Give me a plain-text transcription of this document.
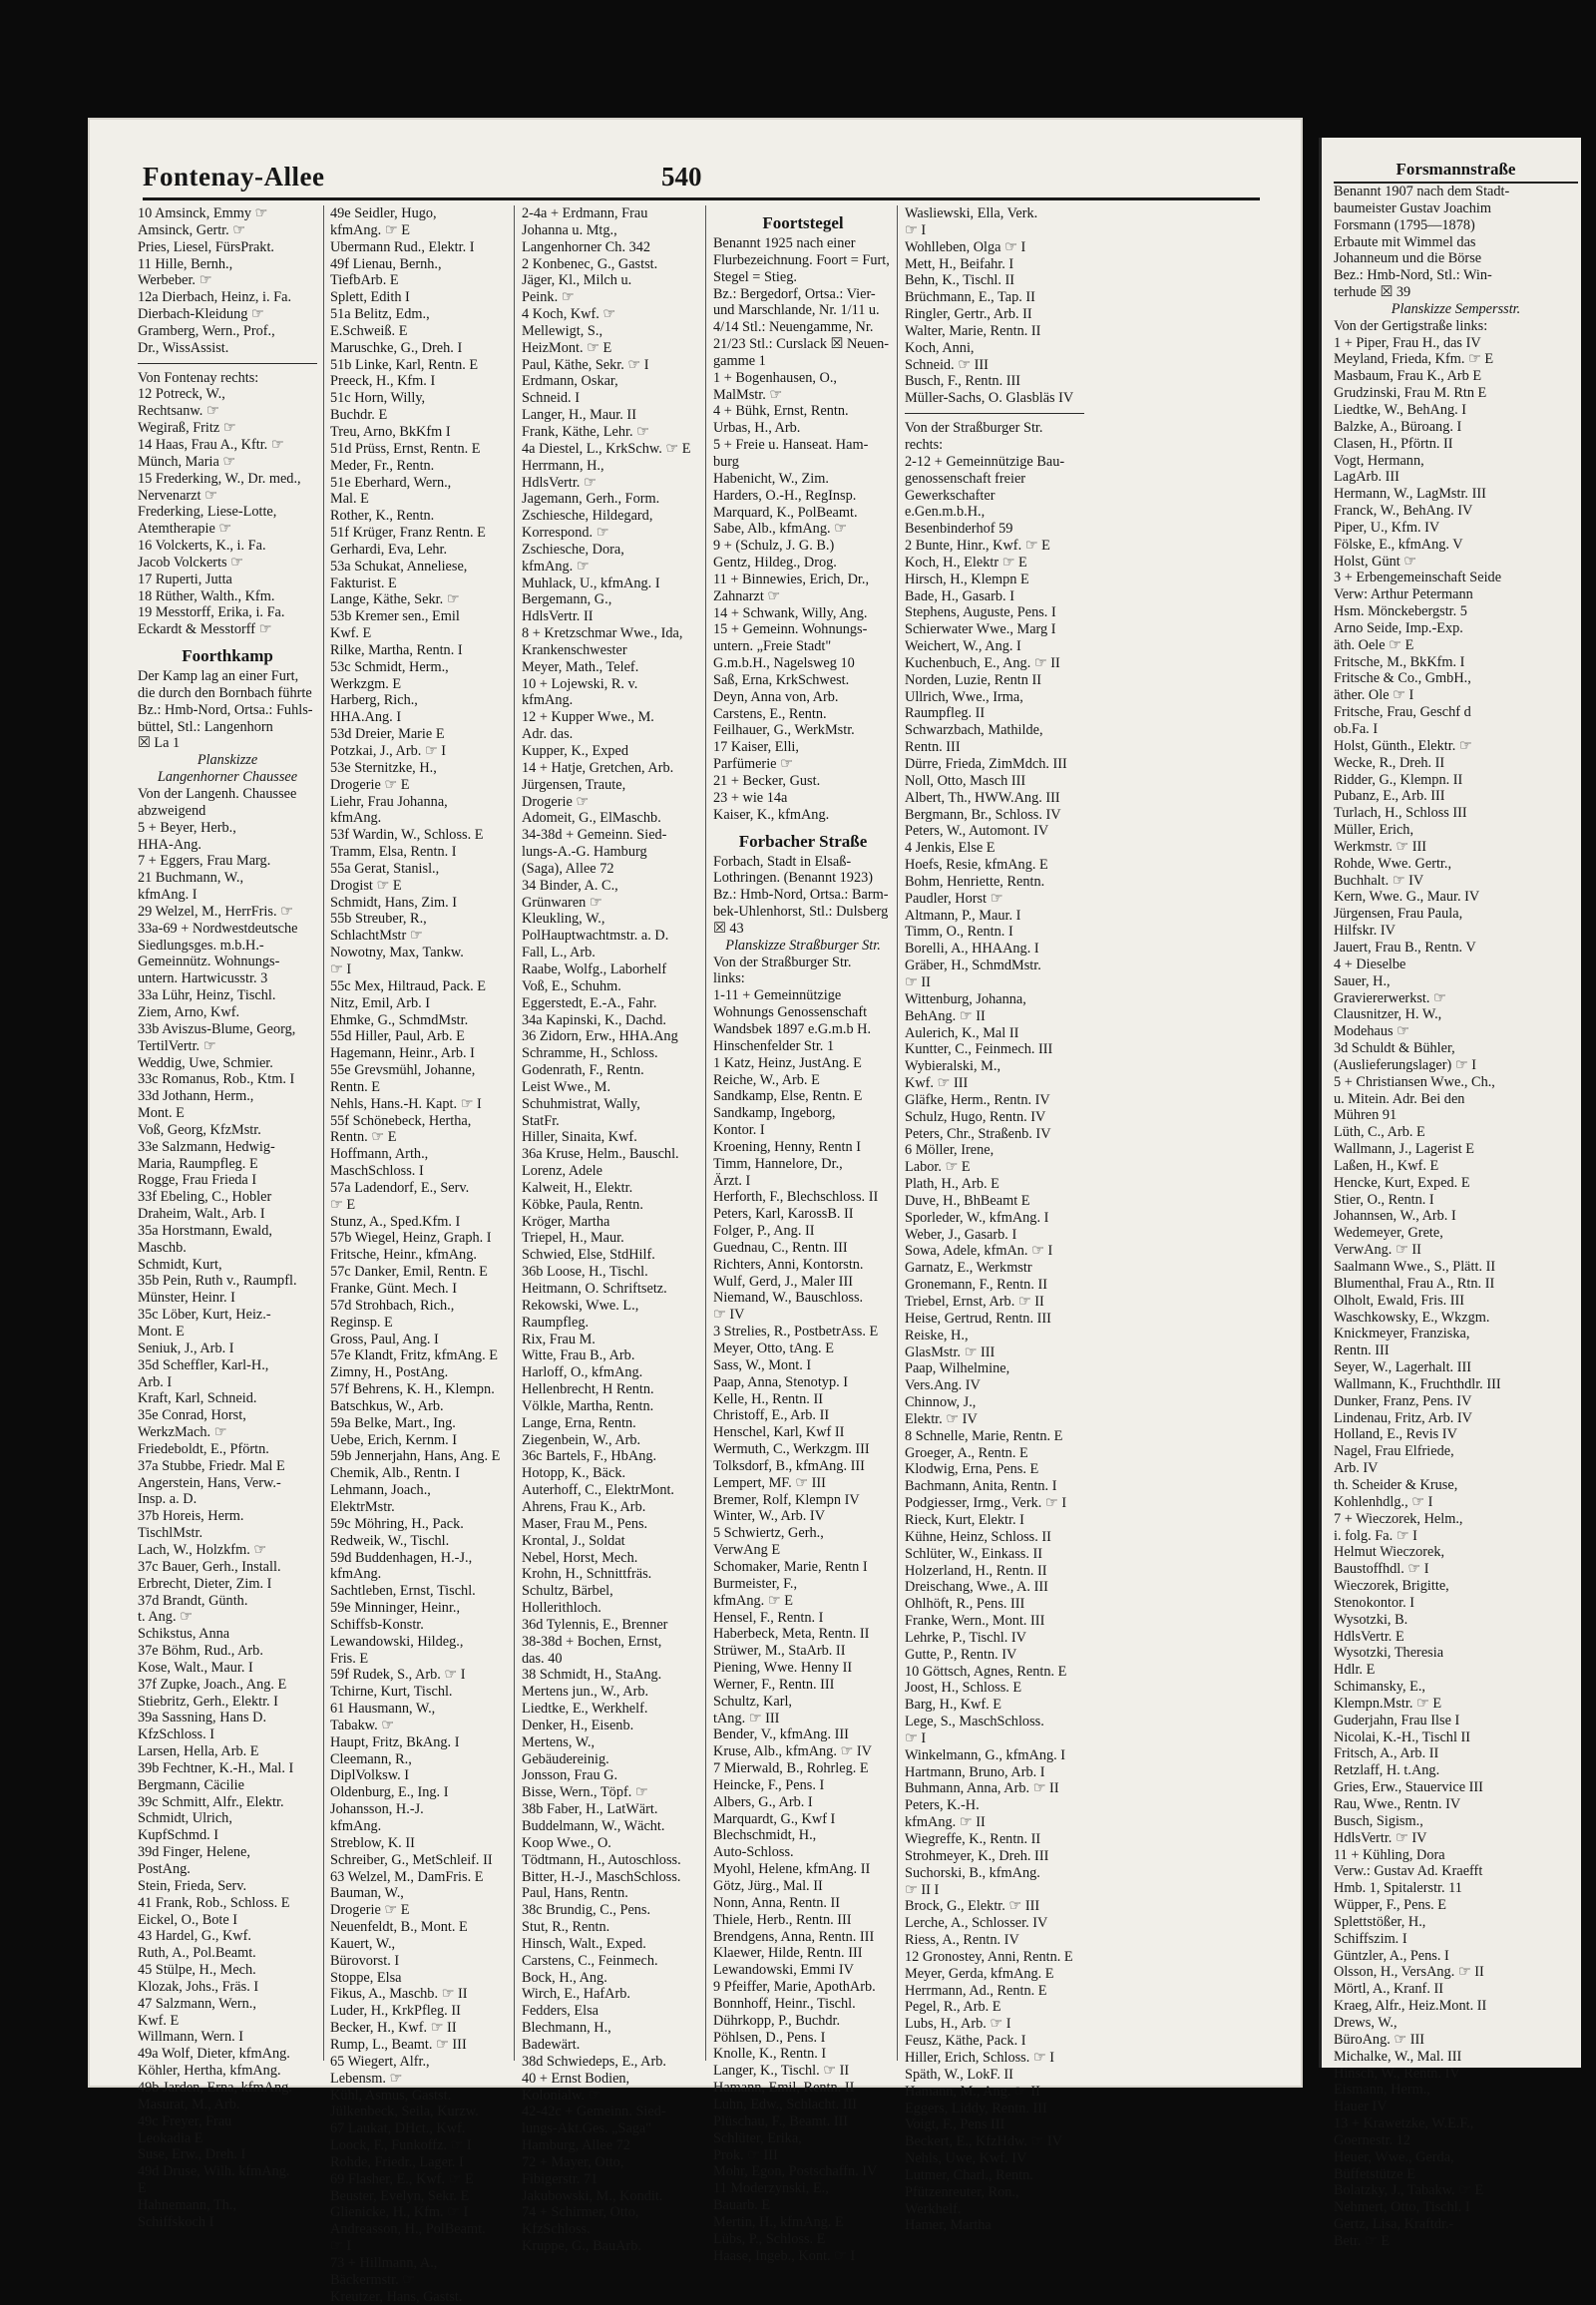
Fontenay-Allee	540
10 Amsinck, Emmy ☞
Amsinck, Gertr. ☞
Pries, Liesel, FürsPrakt.
11 Hille, Bernh.,
Werbeber. ☞
12a Dierbach, Heinz, i. Fa.
Dierbach-Kleidung ☞
Gramberg, Wern., Prof.,
Dr., WissAssist.
Von Fontenay rechts:
12 Potreck, W.,
Rechtsanw. ☞
Wegiraß, Fritz ☞
14 Haas, Frau A., Kftr. ☞
Münch, Maria ☞
15 Frederking, W., Dr. med.,
Nervenarzt ☞
Frederking, Liese-Lotte,
Atemtherapie ☞
16 Volckerts, K., i. Fa.
Jacob Volckerts ☞
17 Ruperti, Jutta
18 Rüther, Walth., Kfm.
19 Messtorff, Erika, i. Fa.
Eckardt & Messtorff ☞
Foorthkamp
Der Kamp lag an einer Furt,
die durch den Bornbach führte
Bz.: Hmb-Nord, Ortsa.: Fuhls-
büttel, Stl.: Langenhorn
☒ La 1
Planskizze
Langenhorner Chaussee
Von der Langenh. Chaussee
abzweigend
5 + Beyer, Herb.,
HHA-Ang.
7 + Eggers, Frau Marg.
21 Buchmann, W.,
kfmAng. I
29 Welzel, M., HerrFris. ☞
33a-69 + Nordwestdeutsche
Siedlungsges. m.b.H.-
Gemeinnütz. Wohnungs-
untern. Hartwicusstr. 3
33a Lühr, Heinz, Tischl.
Ziem, Arno, Kwf.
33b Aviszus-Blume, Georg,
TertilVertr. ☞
Weddig, Uwe, Schmier.
33c Romanus, Rob., Ktm. I
33d Jothann, Herm.,
Mont. E
Voß, Georg, KfzMstr.
33e Salzmann, Hedwig-
Maria, Raumpfleg. E
Rogge, Frau Frieda I
33f Ebeling, C., Hobler
Draheim, Walt., Arb. I
35a Horstmann, Ewald,
Maschb.
Schmidt, Kurt,
35b Pein, Ruth v., Raumpfl.
Münster, Heinr. I
35c Löber, Kurt, Heiz.-
Mont. E
Seniuk, J., Arb. I
35d Scheffler, Karl-H.,
Arb. I
Kraft, Karl, Schneid.
35e Conrad, Horst,
WerkzMach. ☞
Friedeboldt, E., Pförtn.
37a Stubbe, Friedr. Mal E
Angerstein, Hans, Verw.-
Insp. a. D.
37b Horeis, Herm.
TischlMstr.
Lach, W., Holzkfm. ☞
37c Bauer, Gerh., Install.
Erbrecht, Dieter, Zim. I
37d Brandt, Günth.
t. Ang. ☞
Schikstus, Anna
37e Böhm, Rud., Arb.
Kose, Walt., Maur. I
37f Zupke, Joach., Ang. E
Stiebritz, Gerh., Elektr. I
39a Sassning, Hans D.
KfzSchloss. I
Larsen, Hella, Arb. E
39b Fechtner, K.-H., Mal. I
Bergmann, Cäcilie
39c Schmitt, Alfr., Elektr.
Schmidt, Ulrich,
KupfSchmd. I
39d Finger, Helene,
PostAng.
Stein, Frieda, Serv.
41 Frank, Rob., Schloss. E
Eickel, O., Bote I
43 Hardel, G., Kwf.
Ruth, A., Pol.Beamt.
45 Stülpe, H., Mech.
Klozak, Johs., Fräs. I
47 Salzmann, Wern.,
Kwf. E
Willmann, Wern. I
49a Wolf, Dieter, kfmAng.
Köhler, Hertha, kfmAng.
49b Jarden, Erna, kfmAng.
Masurat, M., Arb.
49c Freyer, Frau
Leokadia E
Suse, Erw., Dreh. I
49d Druse, Wilh. kfmAng.
E
Hahnemann, Th.,
Schiffskoch I
49e Seidler, Hugo,
kfmAng. ☞ E
Ubermann Rud., Elektr. I
49f Lienau, Bernh.,
TiefbArb. E
Splett, Edith I
51a Belitz, Edm.,
E.Schweiß. E
Maruschke, G., Dreh. I
51b Linke, Karl, Rentn. E
Preeck, H., Kfm. I
51c Horn, Willy,
Buchdr. E
Treu, Arno, BkKfm I
51d Prüss, Ernst, Rentn. E
Meder, Fr., Rentn.
51e Eberhard, Wern.,
Mal. E
Rother, K., Rentn.
51f Krüger, Franz Rentn. E
Gerhardi, Eva, Lehr.
53a Schukat, Anneliese,
Fakturist. E
Lange, Käthe, Sekr. ☞
53b Kremer sen., Emil
Kwf. E
Rilke, Martha, Rentn. I
53c Schmidt, Herm.,
Werkzgm. E
Harberg, Rich.,
HHA.Ang. I
53d Dreier, Marie E
Potzkai, J., Arb. ☞ I
53e Sternitzke, H.,
Drogerie ☞ E
Liehr, Frau Johanna,
kfmAng.
53f Wardin, W., Schloss. E
Tramm, Elsa, Rentn. I
55a Gerat, Stanisl.,
Drogist ☞ E
Schmidt, Hans, Zim. I
55b Streuber, R.,
SchlachtMstr ☞
Nowotny, Max, Tankw.
☞ I
55c Mex, Hiltraud, Pack. E
Nitz, Emil, Arb. I
Ehmke, G., SchmdMstr.
55d Hiller, Paul, Arb. E
Hagemann, Heinr., Arb. I
55e Grevsmühl, Johanne,
Rentn. E
Nehls, Hans.-H. Kapt. ☞ I
55f Schönebeck, Hertha,
Rentn. ☞ E
Hoffmann, Arth.,
MaschSchloss. I
57a Ladendorf, E., Serv.
☞ E
Stunz, A., Sped.Kfm. I
57b Wiegel, Heinz, Graph. I
Fritsche, Heinr., kfmAng.
57c Danker, Emil, Rentn. E
Franke, Günt. Mech. I
57d Strohbach, Rich.,
Reginsp. E
Gross, Paul, Ang. I
57e Klandt, Fritz, kfmAng. E
Zimny, H., PostAng.
57f Behrens, K. H., Klempn.
Batschkus, W., Arb.
59a Belke, Mart., Ing.
Uebe, Erich, Kernm. I
59b Jennerjahn, Hans, Ang. E
Chemik, Alb., Rentn. I
Lehmann, Joach.,
ElektrMstr.
59c Möhring, H., Pack.
Redweik, W., Tischl.
59d Buddenhagen, H.-J.,
kfmAng.
Sachtleben, Ernst, Tischl.
59e Minninger, Heinr.,
Schiffsb-Konstr.
Lewandowski, Hildeg.,
Fris. E
59f Rudek, S., Arb. ☞ I
Tchirne, Kurt, Tischl.
61 Hausmann, W.,
Tabakw. ☞
Haupt, Fritz, BkAng. I
Cleemann, R.,
DiplVolksw. I
Oldenburg, E., Ing. I
Johansson, H.-J.
kfmAng.
Streblow, K. II
Schreiber, G., MetSchleif. II
63 Welzel, M., DamFris. E
Bauman, W.,
Drogerie ☞ E
Neuenfeldt, B., Mont. E
Kauert, W.,
Bürovorst. I
Stoppe, Elsa
Fikus, A., Maschb. ☞ II
Luder, H., KrkPfleg. II
Becker, H., Kwf. ☞ II
Rump, L., Beamt. ☞ III
65 Wiegert, Alfr.,
Lebensm. ☞
Kühl, Asmus, Gastst.
Jülkenbeck, Seila, Kurzw.
67 Laukat, DHct., Kwf.
Loock, F., Funkoffz. ☞ I
Rohde, Friedr., Lager. I
69 Flasher, E., Kwf. ☞ E
Beuster, Evelyn, Sekr. E
Glienicke, H., Kfm. ☞ I
Andreasson, H., PolBeamt.
☞ I
73 + Hillmann, A.,
Bäckermstr. ☞
Kreutzer, Hans, Gastst.
2-4a + Erdmann, Frau
Johanna u. Mtg.,
Langenhorner Ch. 342
2 Konbenec, G., Gastst.
Jäger, Kl., Milch u.
Peink. ☞
4 Koch, Kwf. ☞
Mellewigt, S.,
HeizMont. ☞ E
Paul, Käthe, Sekr. ☞ I
Erdmann, Oskar,
Schneid. I
Langer, H., Maur. II
Frank, Käthe, Lehr. ☞
4a Diestel, L., KrkSchw. ☞ E
Herrmann, H.,
HdlsVertr. ☞
Jagemann, Gerh., Form.
Zschiesche, Hildegard,
Korrespond. ☞
Zschiesche, Dora,
kfmAng. ☞
Muhlack, U., kfmAng. I
Bergemann, G.,
HdlsVertr. II
8 + Kretzschmar Wwe., Ida,
Krankenschwester
Meyer, Math., Telef.
10 + Lojewski, R. v.
kfmAng.
12 + Kupper Wwe., M.
Adr. das.
Kupper, K., Exped
14 + Hatje, Gretchen, Arb.
Jürgensen, Traute,
Drogerie ☞
Adomeit, G., ElMaschb.
34-38d + Gemeinn. Sied-
lungs-A.-G. Hamburg
(Saga), Allee 72
34 Binder, A. C.,
Grünwaren ☞
Kleukling, W.,
PolHauptwachtmstr. a. D.
Fall, L., Arb.
Raabe, Wolfg., Laborhelf
Voß, E., Schuhm.
Eggerstedt, E.-A., Fahr.
34a Kapinski, K., Dachd.
36 Zidorn, Erw., HHA.Ang
Schramme, H., Schloss.
Godenrath, F., Rentn.
Leist Wwe., M.
Schuhmistrat, Wally,
StatFr.
Hiller, Sinaita, Kwf.
36a Kruse, Helm., Bauschl.
Lorenz, Adele
Kalweit, H., Elektr.
Köbke, Paula, Rentn.
Kröger, Martha
Triepel, H., Maur.
Schwied, Else, StdHilf.
36b Loose, H., Tischl.
Heitmann, O. Schriftsetz.
Rekowski, Wwe. L.,
Raumpfleg.
Rix, Frau M.
Witte, Frau B., Arb.
Harloff, O., kfmAng.
Hellenbrecht, H Rentn.
Völkle, Martha, Rentn.
Lange, Erna, Rentn.
Ziegenbein, W., Arb.
36c Bartels, F., HbAng.
Hotopp, K., Bäck.
Auterhoff, C., ElektrMont.
Ahrens, Frau K., Arb.
Maser, Frau M., Pens.
Krontal, J., Soldat
Nebel, Horst, Mech.
Krohn, H., Schnittfräs.
Schultz, Bärbel,
Hollerithloch.
36d Tylennis, E., Brenner
38-38d + Bochen, Ernst,
das. 40
38 Schmidt, H., StaAng.
Mertens jun., W., Arb.
Liedtke, E., Werkhelf.
Denker, H., Eisenb.
Mertens, W.,
Gebäudereinig.
Jonsson, Frau G.
Bisse, Wern., Töpf. ☞
38b Faber, H., LatWärt.
Buddelmann, W., Wächt.
Koop Wwe., O.
Tödtmann, H., Autoschloss.
Bitter, H.-J., MaschSchloss.
Paul, Hans, Rentn.
38c Brundig, C., Pens.
Stut, R., Rentn.
Hinsch, Walt., Exped.
Carstens, C., Feinmech.
Bock, H., Ang.
Wirch, E., HafArb.
Fedders, Elsa
Blechmann, H.,
Badewärt.
38d Schwiedeps, E., Arb.
40 + Ernst Bodien,
Kolonialw. ☞
42-42c + Gemeinn. Sied-
lungs-Akt.Ges. „Saga"
Hamburg, Allee 72
72 + Mayer, Otto,
Fibigerstr. 71
Jakubowski, M., Kondit.
74 + Schirmer, Otto,
KfzSchloss.
Kruppe, G., BauArb.
Foortstegel
Benannt 1925 nach einer
Flurbezeichnung. Foort = Furt,
Stegel = Stieg.
Bz.: Bergedorf, Ortsa.: Vier-
und Marschlande, Nr. 1/11 u.
4/14 Stl.: Neuengamme, Nr.
21/23 Stl.: Curslack ☒ Neuen-
gamme 1
1 + Bogenhausen, O.,
MalMstr. ☞
4 + Bühk, Ernst, Rentn.
Urbas, H., Arb.
5 + Freie u. Hanseat. Ham-
burg
Habenicht, W., Zim.
Harders, O.-H., RegInsp.
Marquard, K., PolBeamt.
Sabe, Alb., kfmAng. ☞
9 + (Schulz, J. G. B.)
Gentz, Hildeg., Drog.
11 + Binnewies, Erich, Dr.,
Zahnarzt ☞
14 + Schwank, Willy, Ang.
15 + Gemeinn. Wohnungs-
untern. „Freie Stadt"
G.m.b.H., Nagelsweg 10
Saß, Erna, KrkSchwest.
Deyn, Anna von, Arb.
Carstens, E., Rentn.
Feilhauer, G., WerkMstr.
17 Kaiser, Elli,
Parfümerie ☞
21 + Becker, Gust.
23 + wie 14a
Kaiser, K., kfmAng.
Forbacher Straße
Forbach, Stadt in Elsaß-
Lothringen. (Benannt 1923)
Bz.: Hmb-Nord, Ortsa.: Barm-
bek-Uhlenhorst, Stl.: Dulsberg
☒ 43
Planskizze Straßburger Str.
Von der Straßburger Str.
links:
1-11 + Gemeinnützige
Wohnungs Genossenschaft
Wandsbek 1897 e.G.m.b H.
Hinschenfelder Str. 1
1 Katz, Heinz, JustAng. E
Reiche, W., Arb. E
Sandkamp, Else, Rentn. E
Sandkamp, Ingeborg,
Kontor. I
Kroening, Henny, Rentn I
Timm, Hannelore, Dr.,
Ärzt. I
Herforth, F., Blechschloss. II
Peters, Karl, KarossB. II
Folger, P., Ang. II
Guednau, C., Rentn. III
Richters, Anni, Kontorstn.
Wulf, Gerd, J., Maler III
Niemand, W., Bauschloss.
☞ IV
3 Strelies, R., PostbetrAss. E
Meyer, Otto, tAng. E
Sass, W., Mont. I
Paap, Anna, Stenotyp. I
Kelle, H., Rentn. II
Christoff, E., Arb. II
Henschel, Karl, Kwf II
Wermuth, C., Werkzgm. III
Tolksdorf, B., kfmAng. III
Lempert, MF. ☞ III
Bremer, Rolf, Klempn IV
Winter, W., Arb. IV
5 Schwiertz, Gerh.,
VerwAng E
Schomaker, Marie, Rentn I
Burmeister, F.,
kfmAng. ☞ E
Hensel, F., Rentn. I
Haberbeck, Meta, Rentn. II
Strüwer, M., StaArb. II
Piening, Wwe. Henny II
Werner, F., Rentn. III
Schultz, Karl,
tAng. ☞ III
Bender, V., kfmAng. III
Kruse, Alb., kfmAng. ☞ IV
7 Mierwald, B., Rohrleg. E
Heincke, F., Pens. I
Albers, G., Arb. I
Marquardt, G., Kwf I
Blechschmidt, H.,
Auto-Schloss.
Myohl, Helene, kfmAng. II
Götz, Jürg., Mal. II
Nonn, Anna, Rentn. II
Thiele, Herb., Rentn. III
Brendgens, Anna, Rentn. III
Klaewer, Hilde, Rentn. III
Lewandowski, Emmi IV
9 Pfeiffer, Marie, ApothArb.
Bonnhoff, Heinr., Tischl.
Dührkopp, P., Buchdr.
Pöhlsen, D., Pens. I
Knolle, K., Rentn. I
Langer, K., Tischl. ☞ II
Hamann, Emil, Rentn. II
Luhn, Edw., Schlacht. III
Plüschau, F., Beamt. III
Schlüter, Erika,
Prok. ☞ III
Mohr, Egon, Postschaffn. IV
11 Moderzynski, E.,
Bauarb. E
Mertin, H., kfmAng. E
Lübs, P., Schloss. E
Haase, Ingeb., Kont. ☞ I
Wasliewski, Ella, Verk.
☞ I
Wohlleben, Olga ☞ I
Mett, H., Beifahr. I
Behn, K., Tischl. II
Brüchmann, E., Tap. II
Ringler, Gertr., Arb. II
Walter, Marie, Rentn. II
Koch, Anni,
Schneid. ☞ III
Busch, F., Rentn. III
Müller-Sachs, O. Glasbläs IV
Von der Straßburger Str.
rechts:
2-12 + Gemeinnützige Bau-
genossenschaft freier
Gewerkschafter
e.Gen.m.b.H.,
Besenbinderhof 59
2 Bunte, Hinr., Kwf. ☞ E
Koch, H., Elektr ☞ E
Hirsch, H., Klempn E
Bade, H., Gasarb. I
Stephens, Auguste, Pens. I
Schierwater Wwe., Marg I
Weichert, W., Ang. I
Kuchenbuch, E., Ang. ☞ II
Norden, Luzie, Rentn II
Ullrich, Wwe., Irma,
Raumpfleg. II
Schwarzbach, Mathilde,
Rentn. III
Dürre, Frieda, ZimMdch. III
Noll, Otto, Masch III
Albert, Th., HWW.Ang. III
Bergmann, Br., Schloss. IV
Peters, W., Automont. IV
4 Jenkis, Else E
Hoefs, Resie, kfmAng. E
Bohm, Henriette, Rentn.
Paudler, Horst ☞
Altmann, P., Maur. I
Timm, O., Rentn. I
Borelli, A., HHAAng. I
Gräber, H., SchmdMstr.
☞ II
Wittenburg, Johanna,
BehAng. ☞ II
Aulerich, K., Mal II
Kuntter, C., Feinmech. III
Wybieralski, M.,
Kwf. ☞ III
Gläfke, Herm., Rentn. IV
Schulz, Hugo, Rentn. IV
Peters, Chr., Straßenb. IV
6 Möller, Irene,
Labor. ☞ E
Plath, H., Arb. E
Duve, H., BhBeamt E
Sporleder, W., kfmAng. I
Weber, J., Gasarb. I
Sowa, Adele, kfmAn. ☞ I
Garnatz, E., Werkmstr
Gronemann, F., Rentn. II
Triebel, Ernst, Arb. ☞ II
Heise, Gertrud, Rentn. III
Reiske, H.,
GlasMstr. ☞ III
Paap, Wilhelmine,
Vers.Ang. IV
Chinnow, J.,
Elektr. ☞ IV
8 Schnelle, Marie, Rentn. E
Groeger, A., Rentn. E
Klodwig, Erna, Pens. E
Bachmann, Anita, Rentn. I
Podgiesser, Irmg., Verk. ☞ I
Rieck, Kurt, Elektr. I
Kühne, Heinz, Schloss. II
Schlüter, W., Einkass. II
Holzerland, H., Rentn. II
Dreischang, Wwe., A. III
Ohlhöft, R., Pens. III
Franke, Wern., Mont. III
Lehrke, P., Tischl. IV
Gutte, P., Rentn. IV
10 Göttsch, Agnes, Rentn. E
Joost, H., Schloss. E
Barg, H., Kwf. E
Lege, S., MaschSchloss.
☞ I
Winkelmann, G., kfmAng. I
Hartmann, Bruno, Arb. I
Buhmann, Anna, Arb. ☞ II
Peters, K.-H.
kfmAng. ☞ II
Wiegreffe, K., Rentn. II
Strohmeyer, K., Dreh. III
Suchorski, B., kfmAng.
☞ II I
Brock, G., Elektr. ☞ III
Lerche, A., Schlosser. IV
Riess, A., Rentn. IV
12 Gronostey, Anni, Rentn. E
Meyer, Gerda, kfmAng. E
Herrmann, Ad., Rentn. E
Pegel, R., Arb. E
Lubs, H., Arb. ☞ I
Feusz, Käthe, Pack. I
Hiller, Erich, Schloss. ☞ I
Späth, W., LokF. II
Hamann, M., Ang. ☞ II
Eggers, Liddy, Rentn. III
Voigt, F., Pens III
Beckert, E., KfzHdw. ☞ IV
Nehls, Uwe, Kwf. IV
Lutmer, Charl., Rentn.
Pfützenreuter, Ron.,
Werkhelf.
Hamer, Martha
Forsmannstraße
Benannt 1907 nach dem Stadt-
baumeister Gustav Joachim
Forsmann (1795—1878)
Erbaute mit Wimmel das
Johanneum und die Börse
Bez.: Hmb-Nord, Stl.: Win-
terhude ☒ 39
Planskizze Sempersstr.
Von der Gertigstraße links:
1 + Piper, Frau H., das IV
Meyland, Frieda, Kfm. ☞ E
Masbaum, Frau K., Arb E
Grudzinski, Frau M. Rtn E
Liedtke, W., BehAng. I
Balzke, A., Büroang. I
Clasen, H., Pförtn. II
Vogt, Hermann,
LagArb. III
Hermann, W., LagMstr. III
Franck, W., BehAng. IV
Piper, U., Kfm. IV
Fölske, E., kfmAng. V
Holst, Günt ☞
3 + Erbengemeinschaft Seide
Verw: Arthur Petermann
Hsm. Mönckebergstr. 5
Arno Seide, Imp.-Exp.
äth. Oele ☞ E
Fritsche, M., BkKfm. I
Fritsche & Co., GmbH.,
äther. Ole ☞ I
Fritsche, Frau, Geschf d
ob.Fa. I
Holst, Günth., Elektr. ☞
Wecke, R., Dreh. II
Ridder, G., Klempn. II
Pubanz, E., Arb. III
Turlach, H., Schloss III
Müller, Erich,
Werkmstr. ☞ III
Rohde, Wwe. Gertr.,
Buchhalt. ☞ IV
Kern, Wwe. G., Maur. IV
Jürgensen, Frau Paula,
Hilfskr. IV
Jauert, Frau B., Rentn. V
4 + Dieselbe
Sauer, H.,
Graviererwerkst. ☞
Clausnitzer, H. W.,
Modehaus ☞
3d Schuldt & Bühler,
(Auslieferungslager) ☞ I
5 + Christiansen Wwe., Ch.,
u. Mitein. Adr. Bei den
Mühren 91
Lüth, C., Arb. E
Wallmann, J., Lagerist E
Laßen, H., Kwf. E
Hencke, Kurt, Exped. E
Stier, O., Rentn. I
Johannsen, W., Arb. I
Wedemeyer, Grete,
VerwAng. ☞ II
Saalmann Wwe., S., Plätt. II
Blumenthal, Frau A., Rtn. II
Olholt, Ewald, Fris. III
Waschkowsky, E., Wkzgm.
Knickmeyer, Franziska,
Rentn. III
Seyer, W., Lagerhalt. III
Wallmann, K., Fruchthdlr. III
Dunker, Franz, Pens. IV
Lindenau, Fritz, Arb. IV
Holland, E., Revis IV
Nagel, Frau Elfriede,
Arb. IV
th. Scheider & Kruse,
Kohlenhdlg., ☞ I
7 + Wieczorek, Helm.,
i. folg. Fa. ☞ I
Helmut Wieczorek,
Baustoffhdl. ☞ I
Wieczorek, Brigitte,
Stenokontor. I
Wysotzki, B.
HdlsVertr. E
Wysotzki, Theresia
Hdlr. E
Schimansky, E.,
Klempn.Mstr. ☞ E
Guderjahn, Frau Ilse I
Nicolai, K.-H., Tischl II
Fritsch, A., Arb. II
Retzlaff, H. t.Ang.
Gries, Erw., Stauervice III
Rau, Wwe., Rentn. IV
Busch, Sigism.,
HdlsVertr. ☞ IV
11 + Kühling, Dora
Verw.: Gustav Ad. Kraefft
Hmb. 1, Spitalerstr. 11
Wüpper, F., Pens. E
Splettstößer, H.,
Schiffszim. I
Güntzler, A., Pens. I
Olsson, H., VersAng. ☞ II
Mörtl, A., Kranf. II
Kraeg, Alfr., Heiz.Mont. II
Drews, W.,
BüroAng. ☞ III
Michalke, W., Mal. III
Hinsch, W., Rentn. IV
Eismann, Herm.,
Hauer IV
13 + Krawetzke, W.E.F.,
Goernestr. 12
Heuer, Wwe., Gerda,
Büffetstütze E
Bolatzky, J., Tabakw. ☞ E
Nehmert, Otto, Tischl. I
Gertz, Lisa, Kraftdr.-
Betr. ☞ E
